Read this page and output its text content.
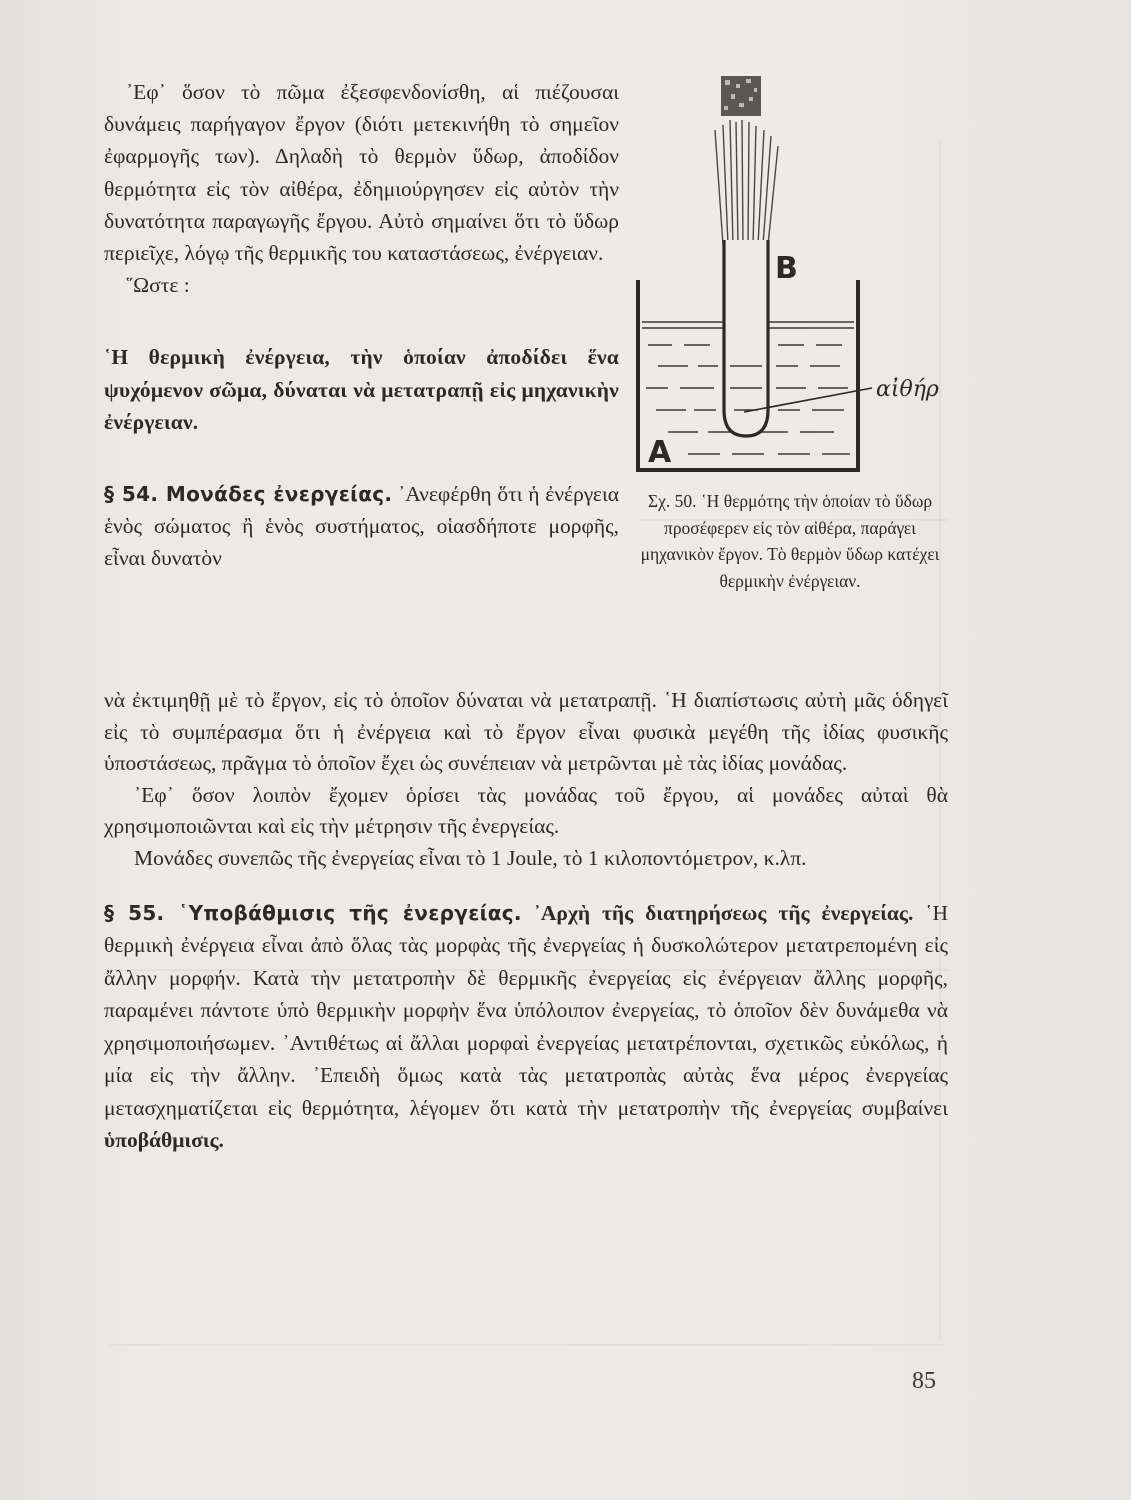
᾿Εφ᾿ ὅσον τὸ πῶμα ἐξεσφενδονίσθη, αἱ πιέζουσαι δυνάμεις παρήγαγον ἔργον (διότι μετεκινήθη τὸ σημεῖον ἐφαρμογῆς των). Δηλαδὴ τὸ θερμὸν ὕδωρ, ἀποδίδον θερμότητα εἰς τὸν αἰθέρα, ἐδημιούργησεν εἰς αὐτὸν τὴν δυνατότητα παραγωγῆς ἔργου. Αὐτὸ σημαίνει ὅτι τὸ ὕδωρ περιεῖχε, λόγῳ τῆς θερμικῆς του καταστάσεως, ἐνέργειαν.

῞Ωστε :

῾Η θερμικὴ ἐνέργεια, τὴν ὁποίαν ἀποδίδει ἕνα ψυχόμενον σῶμα, δύναται νὰ μετατραπῇ εἰς μηχανικὴν ἐνέργειαν.

§ 54. Μονάδες ἐνεργείας. ᾿Ανεφέρθη ὅτι ἡ ἐνέργεια ἑνὸς σώματος ἢ ἑνὸς συστήματος, οἱασδήποτε μορφῆς, εἶναι δυνατὸν

B
A
αἰθήρ
Σχ. 50. ῾Η θερμότης τὴν ὁποίαν τὸ ὕδωρ προσέφερεν εἰς τὸν αἰθέρα, παράγει μηχανικὸν ἔργον. Τὸ θερμὸν ὕδωρ κατέχει θερμικὴν ἐνέργειαν.

νὰ ἐκτιμηθῇ μὲ τὸ ἔργον, εἰς τὸ ὁποῖον δύναται νὰ μετατραπῇ. ῾Η διαπίστωσις αὐτὴ μᾶς ὁδηγεῖ εἰς τὸ συμπέρασμα ὅτι ἡ ἐνέργεια καὶ τὸ ἔργον εἶναι φυσικὰ μεγέθη τῆς ἰδίας φυσικῆς ὑποστάσεως, πρᾶγμα τὸ ὁποῖον ἔχει ὡς συνέπειαν νὰ μετρῶνται μὲ τὰς ἰδίας μονάδας.

᾿Εφ᾿ ὅσον λοιπὸν ἔχομεν ὁρίσει τὰς μονάδας τοῦ ἔργου, αἱ μονάδες αὐταὶ θὰ χρησιμοποιῶνται καὶ εἰς τὴν μέτρησιν τῆς ἐνεργείας.

Μονάδες συνεπῶς τῆς ἐνεργείας εἶναι τὸ 1 Joule, τὸ 1 κιλοποντόμετρον, κ.λπ.

§ 55. ῾Υποβάθμισις τῆς ἐνεργείας. ᾿Αρχὴ τῆς διατηρήσεως τῆς ἐνεργείας. ῾Η θερμικὴ ἐνέργεια εἶναι ἀπὸ ὅλας τὰς μορφὰς τῆς ἐνεργείας ἡ δυσκολώτερον μετατρεπομένη εἰς ἄλλην μορφήν. Κατὰ τὴν μετατροπὴν δὲ θερμικῆς ἐνεργείας εἰς ἐνέργειαν ἄλλης μορφῆς, παραμένει πάντοτε ὑπὸ θερμικὴν μορφὴν ἕνα ὑπόλοιπον ἐνεργείας, τὸ ὁποῖον δὲν δυνάμεθα νὰ χρησιμοποιήσωμεν. ᾿Αντιθέτως αἱ ἄλλαι μορφαὶ ἐνεργείας μετατρέπονται, σχετικῶς εὐκόλως, ἡ μία εἰς τὴν ἄλλην. ᾿Επειδὴ ὅμως κατὰ τὰς μετατροπὰς αὐτὰς ἕνα μέρος ἐνεργείας μετασχηματίζεται εἰς θερμότητα, λέγομεν ὅτι κατὰ τὴν μετατροπὴν τῆς ἐνεργείας συμβαίνει ὑποβάθμισις.

85
